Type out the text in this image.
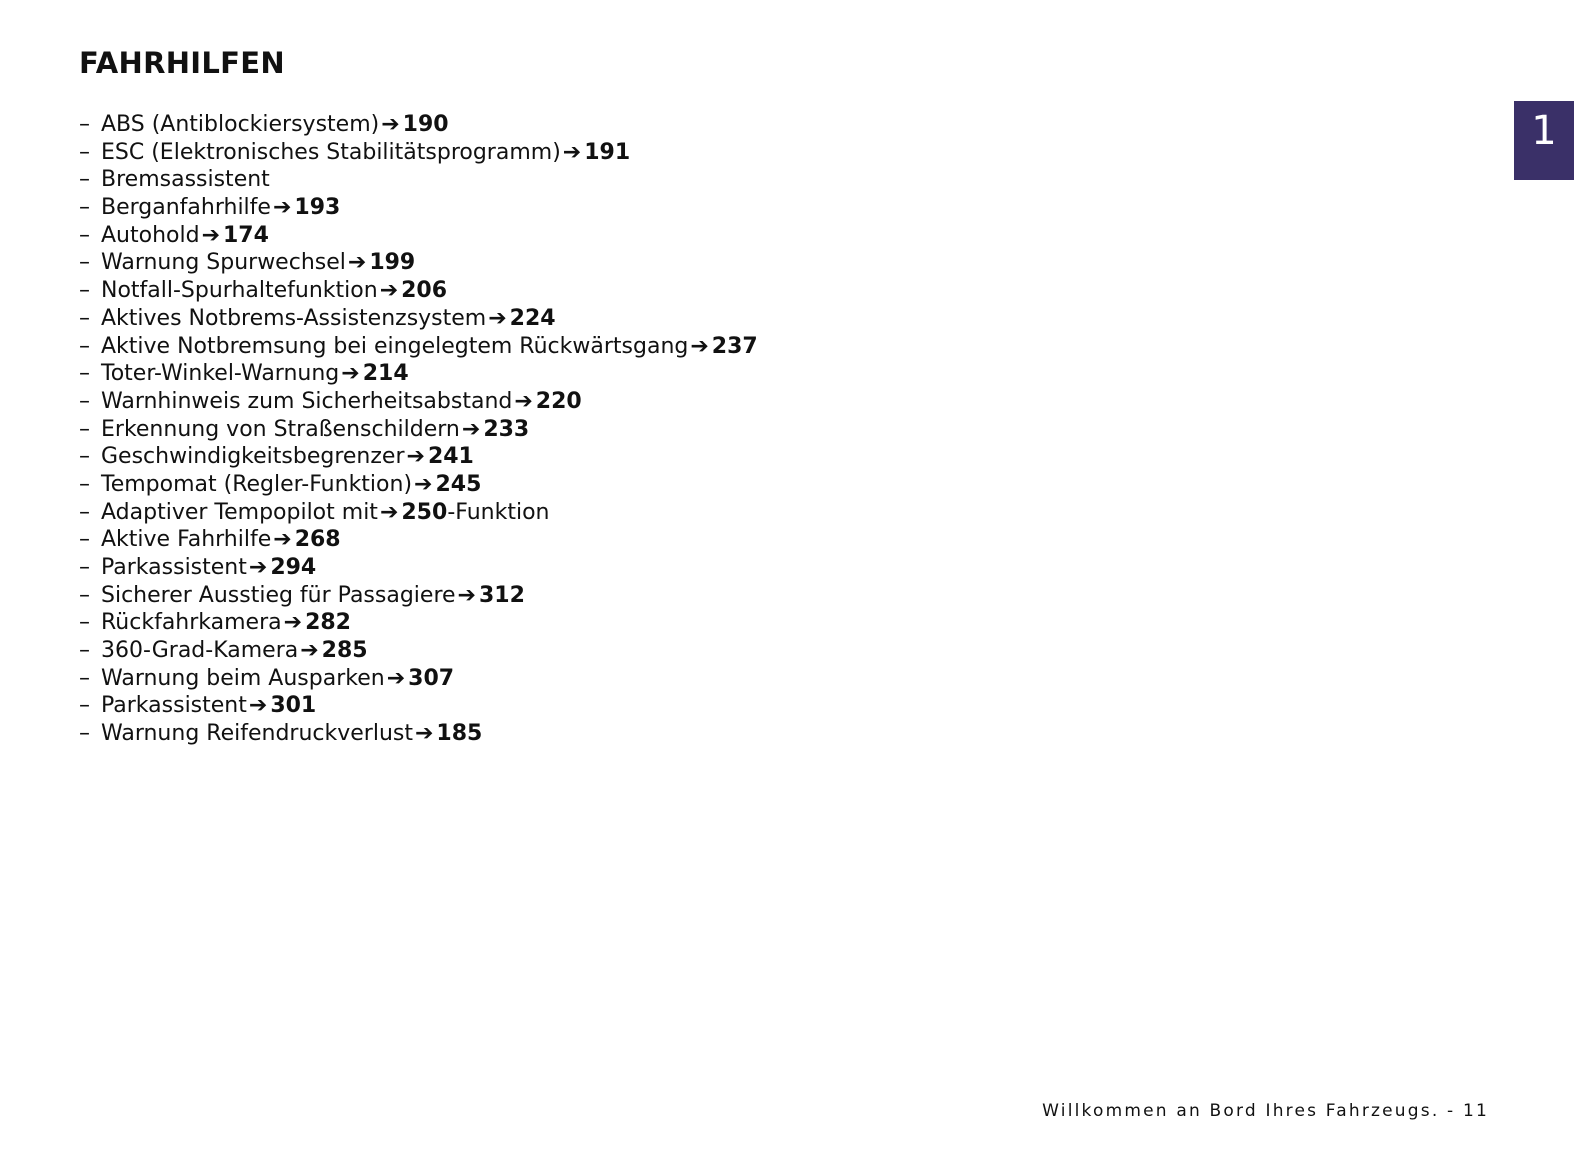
FAHRHILFEN
– ABS (Antiblockiersystem)➔ 190
– ESC (Elektronisches Stabilitätsprogramm)➔ 191
– Bremsassistent
– Berganfahrhilfe➔ 193
– Autohold➔ 174
– Warnung Spurwechsel➔ 199
– Notfall-Spurhaltefunktion➔ 206
– Aktives Notbrems-Assistenzsystem➔ 224
– Aktive Notbremsung bei eingelegtem Rückwärtsgang➔ 237
– Toter-Winkel-Warnung➔ 214
– Warnhinweis zum Sicherheitsabstand➔ 220
– Erkennung von Straßenschildern➔ 233
– Geschwindigkeitsbegrenzer➔ 241
– Tempomat (Regler-Funktion)➔ 245
– Adaptiver Tempopilot mit➔ 250-Funktion
– Aktive Fahrhilfe➔ 268
– Parkassistent➔ 294
– Sicherer Ausstieg für Passagiere➔ 312
– Rückfahrkamera➔ 282
– 360-Grad-Kamera➔ 285
– Warnung beim Ausparken➔ 307
– Parkassistent➔ 301
– Warnung Reifendruckverlust➔ 185
1
Willkommen an Bord Ihres Fahrzeugs. - 11
